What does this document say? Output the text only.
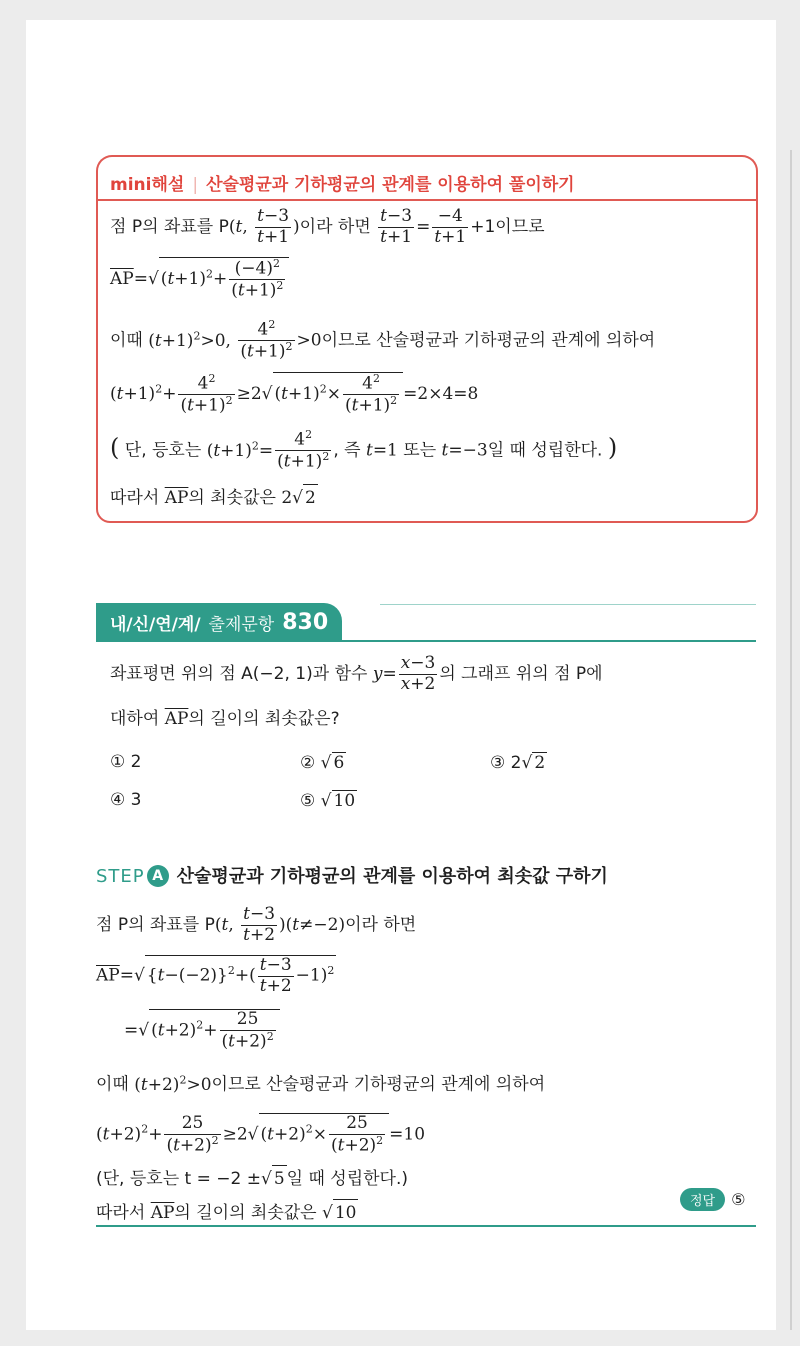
mini해설 | 산술평균과 기하평균의 관계를 이용하여 풀이하기
점 P의 좌표를 P(t, $\frac{t-3}{t+1}$ )이라 하면 $\frac{t-3}{t+1} = \frac{-4}{t+1} +1$이므로
$\overline{AP}=√$ $(t+1)^2+ \frac{(-4)^2}{(t+1)^2}$
이때 $(t+1)^2>0$, $\frac{4^2}{(t+1)^2} >0$이므로 산술평균과 기하평균의 관계에 의하여
$(t+1)^2+ \frac{4^2}{(t+1)^2} \ge 2√$ $(t+1)^2\times \frac{4^2}{(t+1)^2} =2\times 4=8$
( 단, 등호는 $(t+1)^2= \frac{4^2}{(t+1)^2}$ , 즉 t=1 또는 t=−3일 때 성립한다. )
따라서 $\overline{AP}$의 최솟값은 2√ 2
내/신/연/계/ 출제문항 830
좌표평면 위의 점 A(−2, 1)과 함수 $y= \frac{x-3}{x+2}$ 의 그래프 위의 점 P에
대하여 $\overline{AP}$의 길이의 최솟값은?
① 2	② √ 6	③ 2√ 2
④ 3	⑤ √ 10
STEP A 산술평균과 기하평균의 관계를 이용하여 최솟값 구하기
점 P의 좌표를 P(t, $\frac{t-3}{t+2} )(t\ne-2)$이라 하면
$\overline{AP}=√$ $\{t-(-2)\}^2+( \frac{t-3}{t+2} -1)^2$
=√ $(t+2)^2+ \frac{25}{(t+2)^2}$
이때 $(t+2)^2>0$이므로 산술평균과 기하평균의 관계에 의하여
$(t+2)^2+ \frac{25}{(t+2)^2} \ge 2√$ $(t+2)^2\times \frac{25}{(t+2)^2} =10$
(단, 등호는 t = −2 ±√ 5 일 때 성립한다.)
따라서 $\overline{AP}$의 길이의 최솟값은 √ 10
정답 ⑤
